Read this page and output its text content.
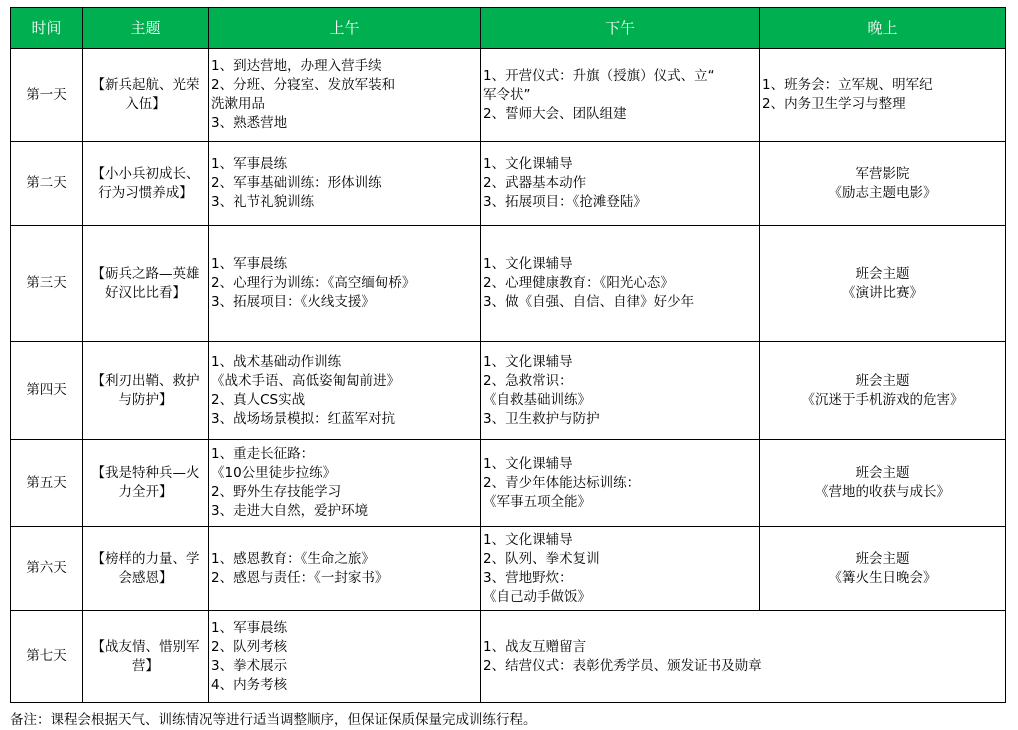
时间	主题	上午	下午	晚上
第一天	【新兵起航、光荣入伍】	1、到达营地，办理入营手续
2、分班、分寝室、发放军装和
洗漱用品
3、熟悉营地	1、开营仪式：升旗（授旗）仪式、立“
军令状”
2、誓师大会、团队组建	1、班务会：立军规、明军纪
2、内务卫生学习与整理

第二天	【小小兵初成长、行为习惯养成】	1、军事晨练
2、军事基础训练：形体训练
3、礼节礼貌训练	1、文化课辅导
2、武器基本动作
3、拓展项目：《抢滩登陆》	军营影院
《励志主题电影》

第三天	【砺兵之路—英雄好汉比比看】	1、军事晨练
2、心理行为训练：《高空缅甸桥》
3、拓展项目：《火线支援》	1、文化课辅导
2、心理健康教育：《阳光心态》
3、做《自强、自信、自律》好少年	班会主题
《演讲比赛》

第四天	【利刃出鞘、救护与防护】	1、战术基础动作训练
《战术手语、高低姿匍匐前进》
2、真人CS实战
3、战场场景模拟：红蓝军对抗	1、文化课辅导
2、急救常识：
《自救基础训练》
3、卫生救护与防护	班会主题
《沉迷于手机游戏的危害》

第五天	【我是特种兵—火力全开】	1、重走长征路：
《10公里徒步拉练》
2、野外生存技能学习
3、走进大自然，爱护环境	1、文化课辅导
2、青少年体能达标训练：
《军事五项全能》	班会主题
《营地的收获与成长》

第六天	【榜样的力量、学会感恩】	1、感恩教育：《生命之旅》
2、感恩与责任：《一封家书》	1、文化课辅导
2、队列、拳术复训
3、营地野炊：
《自己动手做饭》	班会主题
《篝火生日晚会》

第七天	【战友情、惜别军营】	1、军事晨练
2、队列考核
3、拳术展示
4、内务考核	1、战友互赠留言
2、结营仪式：表彰优秀学员、颁发证书及勋章	
备注：课程会根据天气、训练情况等进行适当调整顺序，但保证保质保量完成训练行程。
